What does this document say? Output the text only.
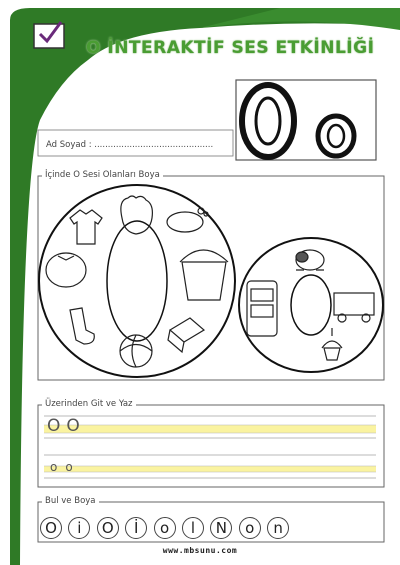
O İNTERAKTİF SES ETKİNLİĞİ
Ad Soyad : ............................................
İçinde O Sesi Olanları Boya
Üzerinden Git ve Yaz
Bul ve Boya
OO
oo
O	i	O	İ	o	l	N	o	n
www.mbsunu.com
